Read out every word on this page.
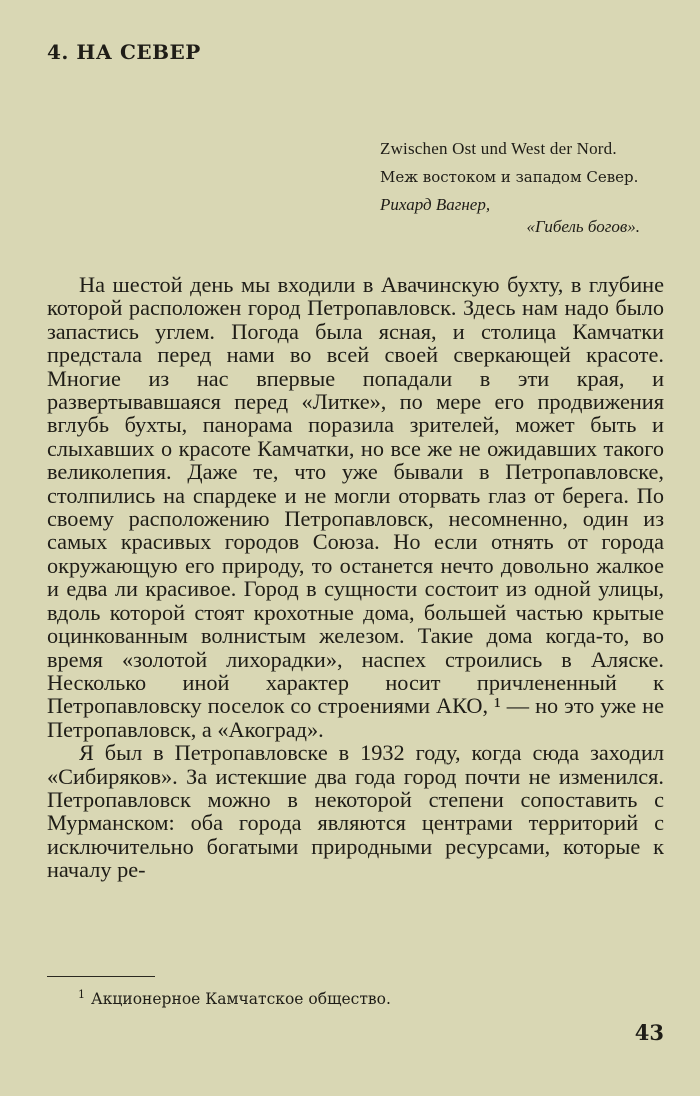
4. НА СЕВЕР

Zwischen Ost und West der Nord.

Меж востоком и западом Север.

Рихард Вагнер,

«Гибель богов».

На шестой день мы входили в Авачинскую бухту, в глубине которой расположен город Петропавловск. Здесь нам надо было запастись углем. Погода была ясная, и столица Камчатки предстала перед нами во всей своей сверкающей красоте. Многие из нас впервые попадали в эти края, и развертывавшаяся перед «Литке», по мере его продвижения вглубь бухты, панорама поразила зрителей, может быть и слыхавших о красоте Камчатки, но все же не ожидавших такого великолепия. Даже те, что уже бывали в Петропавловске, столпились на спардеке и не могли оторвать глаз от берега. По своему расположению Петропавловск, несомненно, один из самых красивых городов Союза. Но если отнять от города окружающую его природу, то останется нечто довольно жалкое и едва ли красивое. Город в сущности состоит из одной улицы, вдоль которой стоят крохотные дома, большей частью крытые оцинкованным волнистым железом. Такие дома когда-то, во время «золотой лихорадки», наспех строились в Аляске. Несколько иной характер носит причлененный к Петропавловску поселок со строениями АКО, ¹ — но это уже не Петропавловск, а «Акоград».

Я был в Петропавловске в 1932 году, когда сюда заходил «Сибиряков». За истекшие два года город почти не изменился. Петропавловск можно в некоторой степени сопоставить с Мурманском: оба города являются центрами территорий с исключительно богатыми природными ресурсами, которые к началу ре-

$^1$ Акционерное Камчатское общество.

43
